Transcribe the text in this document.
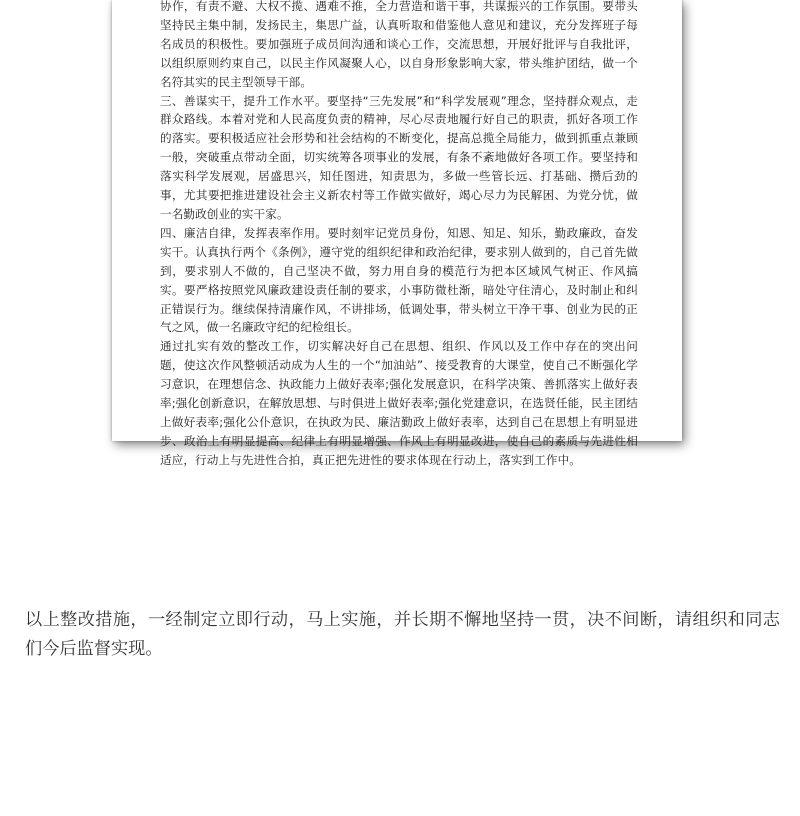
协作，有责不避、大权不揽、遇难不推，全力营造和谐干事，共谋振兴的工作氛围。要带头坚持民主集中制，发扬民主，集思广益，认真听取和借鉴他人意见和建议，充分发挥班子每名成员的积极性。要加强班子成员间沟通和谈心工作，交流思想，开展好批评与自我批评，以组织原则约束自己，以民主作风凝聚人心，以自身形象影响大家，带头维护团结，做一个名符其实的民主型领导干部。

三、善谋实干，提升工作水平。要坚持“三先发展”和“科学发展观”理念，坚持群众观点，走群众路线。本着对党和人民高度负责的精神，尽心尽责地履行好自己的职责，抓好各项工作的落实。要积极适应社会形势和社会结构的不断变化，提高总揽全局能力，做到抓重点兼顾一般，突破重点带动全面，切实统筹各项事业的发展，有条不紊地做好各项工作。要坚持和落实科学发展观，居盛思兴，知任图进，知责思为，多做一些管长远、打基础、攒后劲的事，尤其要把推进建设社会主义新农村等工作做实做好，竭心尽力为民解困、为党分忧，做一名勤政创业的实干家。

四、廉洁自律，发挥表率作用。要时刻牢记党员身份，知恩、知足、知乐，勤政廉政，奋发实干。认真执行两个《条例》，遵守党的组织纪律和政治纪律，要求别人做到的，自己首先做到，要求别人不做的，自己坚决不做，努力用自身的模范行为把本区域风气树正、作风搞实。要严格按照党风廉政建设责任制的要求，小事防微杜渐，暗处守住清心，及时制止和纠正错误行为。继续保持清廉作风，不讲排场，低调处事，带头树立干净干事、创业为民的正气之风，做一名廉政守纪的纪检组长。

通过扎实有效的整改工作，切实解决好自己在思想、组织、作风以及工作中存在的突出问题，使这次作风整顿活动成为人生的一个“加油站”、接受教育的大课堂，使自己不断强化学习意识，在理想信念、执政能力上做好表率;强化发展意识，在科学决策、善抓落实上做好表率;强化创新意识，在解放思想、与时俱进上做好表率;强化党建意识，在选贤任能，民主团结上做好表率;强化公仆意识，在执政为民、廉洁勤政上做好表率，达到自己在思想上有明显进步、政治上有明显提高、纪律上有明显增强、作风上有明显改进，使自己的素质与先进性相适应，行动上与先进性合拍，真正把先进性的要求体现在行动上，落实到工作中。

以上整改措施，一经制定立即行动，马上实施，并长期不懈地坚持一贯，决不间断，请组织和同志们今后监督实现。
